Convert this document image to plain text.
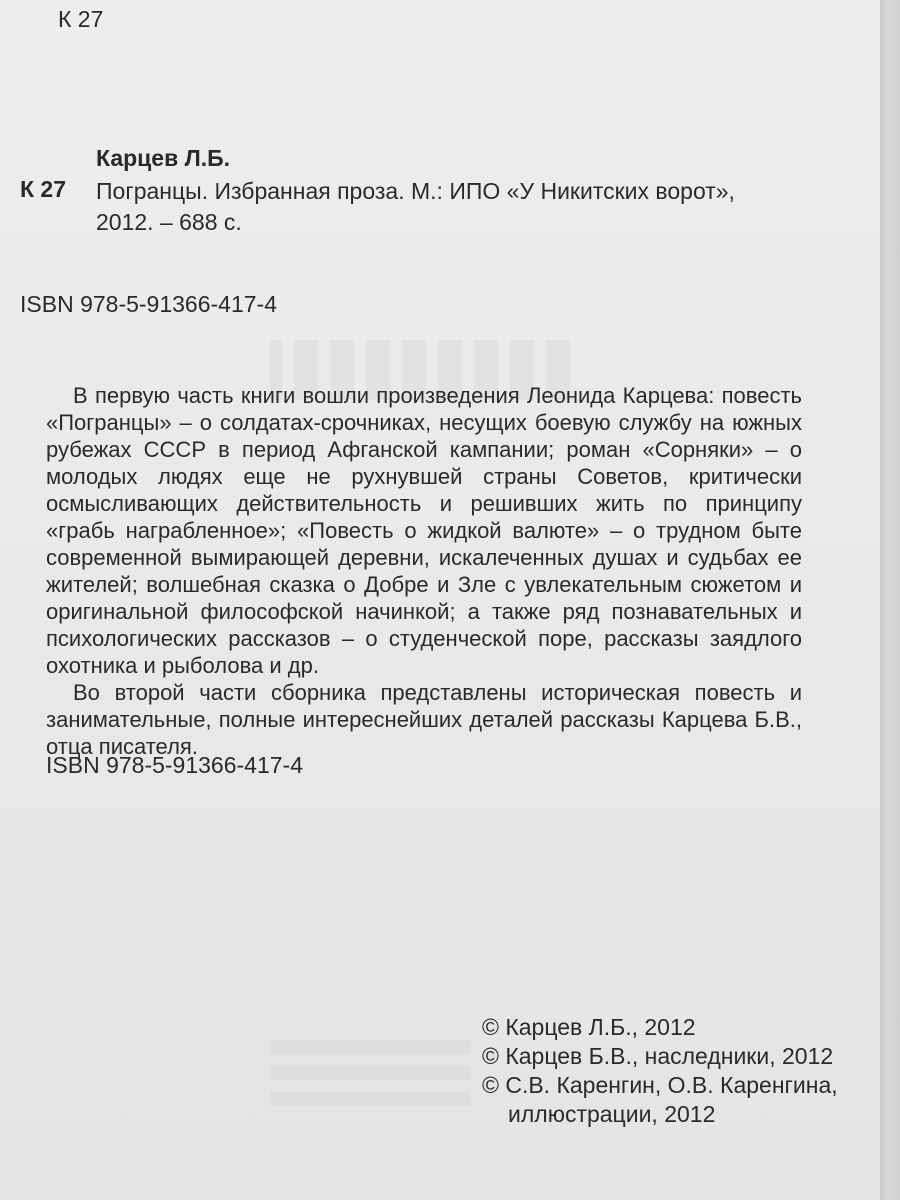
К 27
К 27
Карцев Л.Б.
Погранцы. Избранная проза. М.: ИПО «У Никитских ворот»,
2012. – 688 с.
ISBN 978-5-91366-417-4

В первую часть книги вошли произведения Леонида Карцева: повесть «Погранцы» – о солдатах-срочниках, несущих боевую службу на южных рубежах СССР в период Афганской кампании; роман «Сорняки» – о молодых людях еще не рухнувшей страны Советов, критически осмысливающих действительность и решивших жить по принципу «грабь награбленное»; «Повесть о жидкой валюте» – о трудном быте современной вымирающей деревни, искалеченных душах и судьбах ее жителей; волшебная сказка о Добре и Зле с увлекательным сюжетом и оригинальной философской начинкой; а также ряд познавательных и психологических рассказов – о студенческой поре, рассказы заядлого охотника и рыболова и др.

Во второй части сборника представлены историческая повесть и занимательные, полные интереснейших деталей рассказы Карцева Б.В., отца писателя.

ISBN 978-5-91366-417-4
© Карцев Л.Б., 2012
© Карцев Б.В., наследники, 2012
© С.В. Каренгин, О.В. Каренгина,
иллюстрации, 2012
